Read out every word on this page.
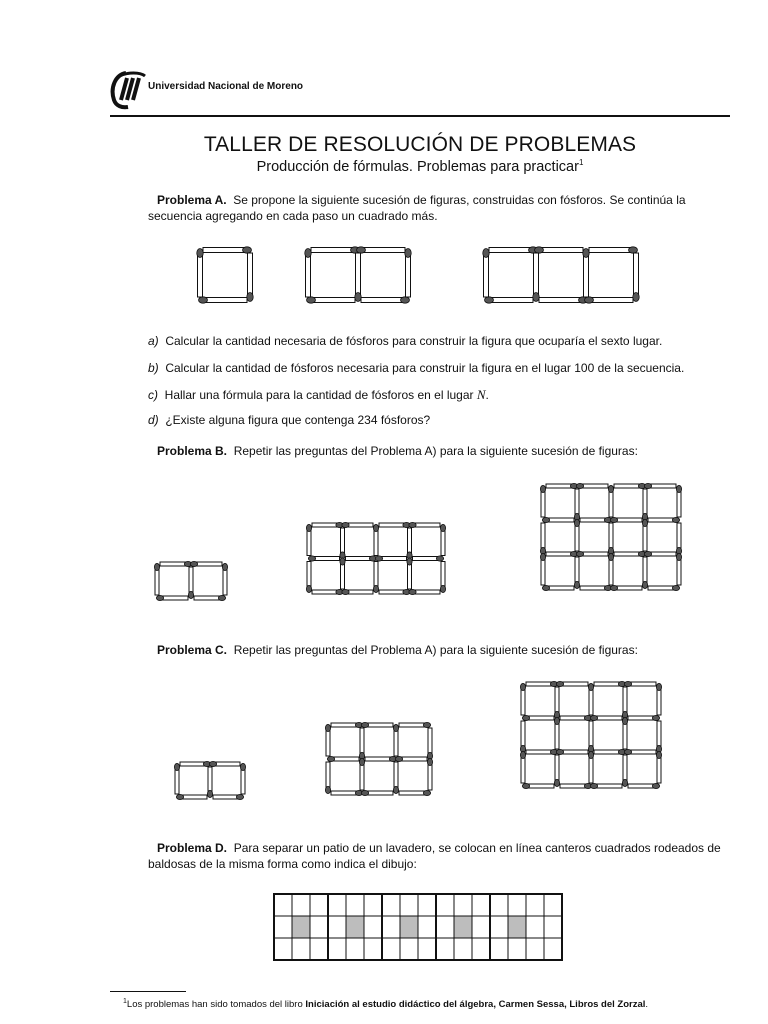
Universidad Nacional de Moreno
TALLER DE RESOLUCIÓN DE PROBLEMAS
Producción de fórmulas. Problemas para practicar$^1$
Problema A. Se propone la siguiente sucesión de figuras, construidas con fósforos. Se continúa la secuencia agregando en cada paso un cuadrado más.
a) Calcular la cantidad necesaria de fósforos para construir la figura que ocuparía el sexto lugar.
b) Calcular la cantidad de fósforos necesaria para construir la figura en el lugar 100 de la secuencia.
c) Hallar una fórmula para la cantidad de fósforos en el lugar N.
d) ¿Existe alguna figura que contenga 234 fósforos?
Problema B. Repetir las preguntas del Problema A) para la siguiente sucesión de figuras:
Problema C. Repetir las preguntas del Problema A) para la siguiente sucesión de figuras:
Problema D. Para separar un patio de un lavadero, se colocan en línea canteros cuadrados rodeados de baldosas de la misma forma como indica el dibujo:
$^1$Los problemas han sido tomados del libro Iniciación al estudio didáctico del álgebra, Carmen Sessa, Libros del Zorzal.
